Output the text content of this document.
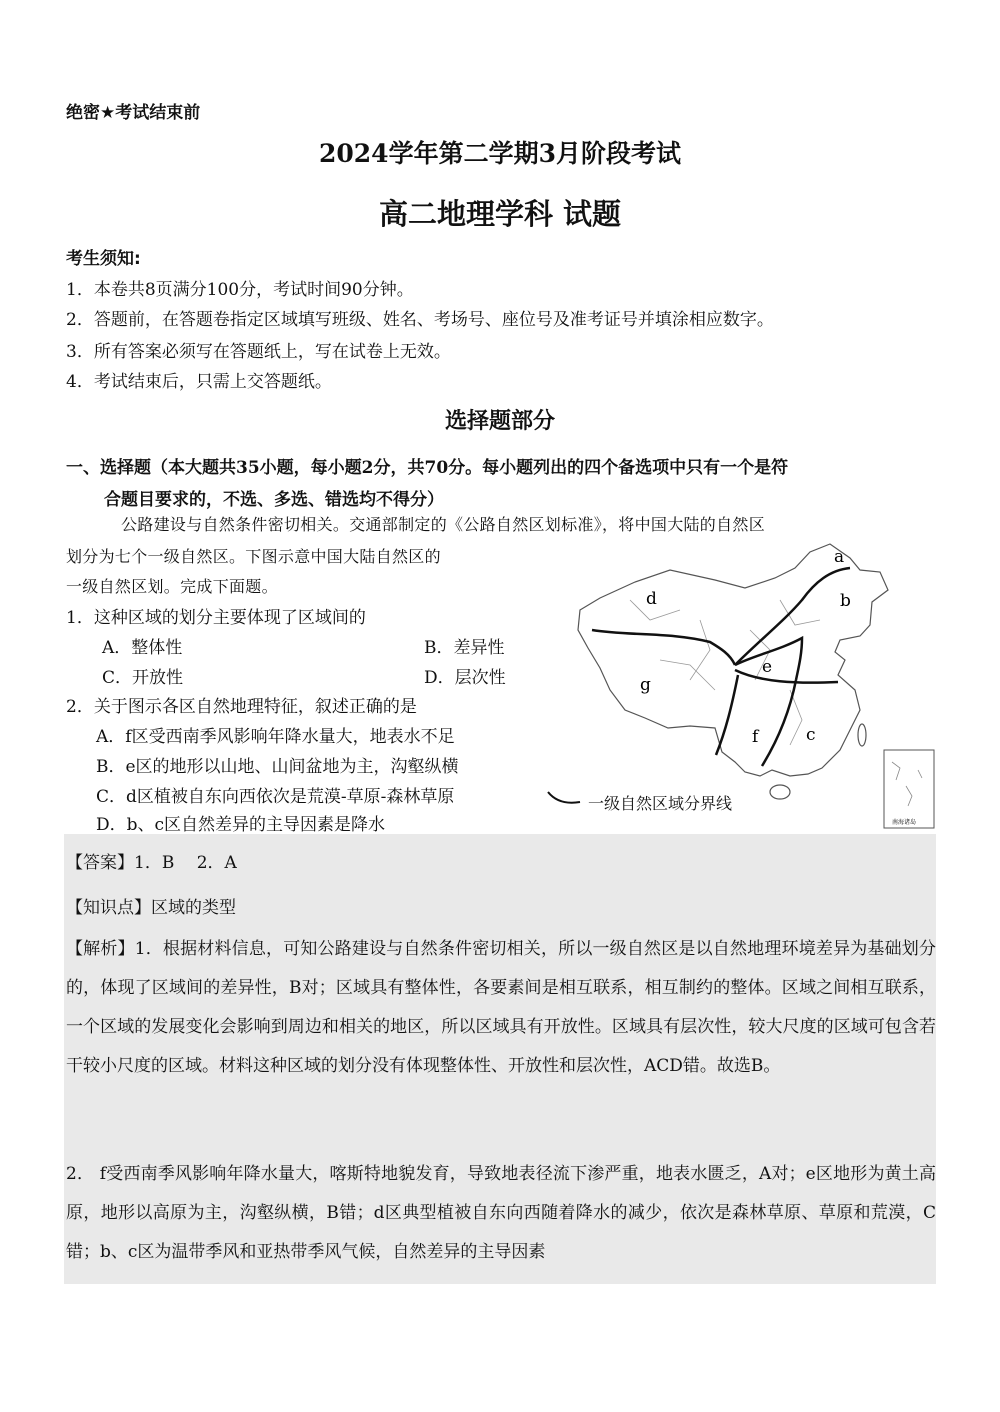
绝密★考试结束前
2024学年第二学期3月阶段考试
高二地理学科 试题
考生须知:
1．本卷共8页满分100分，考试时间90分钟。
2．答题前，在答题卷指定区域填写班级、姓名、考场号、座位号及准考证号并填涂相应数字。
3．所有答案必须写在答题纸上，写在试卷上无效。
4．考试结束后，只需上交答题纸。
选择题部分
一、选择题（本大题共35小题，每小题2分，共70分。每小题列出的四个备选项中只有一个是符
合题目要求的，不选、多选、错选均不得分）
公路建设与自然条件密切相关。交通部制定的《公路自然区划标准》，将中国大陆的自然区
划分为七个一级自然区。下图示意中国大陆自然区的
一级自然区划。完成下面题。
1．这种区域的划分主要体现了区域间的
A．整体性	B．差异性
C．开放性	D．层次性
2．关于图示各区自然地理特征，叙述正确的是
A．f区受西南季风影响年降水量大，地表水不足
B．e区的地形以山地、山间盆地为主，沟壑纵横
C．d区植被自东向西依次是荒漠-草原-森林草原
a
b
c
d
e
f
g
南海诸岛
一级自然区域分界线
D．b、c区自然差异的主导因素是降水
【答案】1．B　 2．A
【知识点】区域的类型
【解析】1．根据材料信息，可知公路建设与自然条件密切相关，所以一级自然区是以自然地理环境差异为基础划分的，体现了区域间的差异性，B对；区域具有整体性，各要素间是相互联系，相互制约的整体。区域之间相互联系，一个区域的发展变化会影响到周边和相关的地区，所以区域具有开放性。区域具有层次性，较大尺度的区域可包含若干较小尺度的区域。材料这种区域的划分没有体现整体性、开放性和层次性，ACD错。故选B。
2． f受西南季风影响年降水量大，喀斯特地貌发育，导致地表径流下渗严重，地表水匮乏，A对；e区地形为黄土高原，地形以高原为主，沟壑纵横，B错；d区典型植被自东向西随着降水的减少，依次是森林草原、草原和荒漠，C错；b、c区为温带季风和亚热带季风气候，自然差异的主导因素
